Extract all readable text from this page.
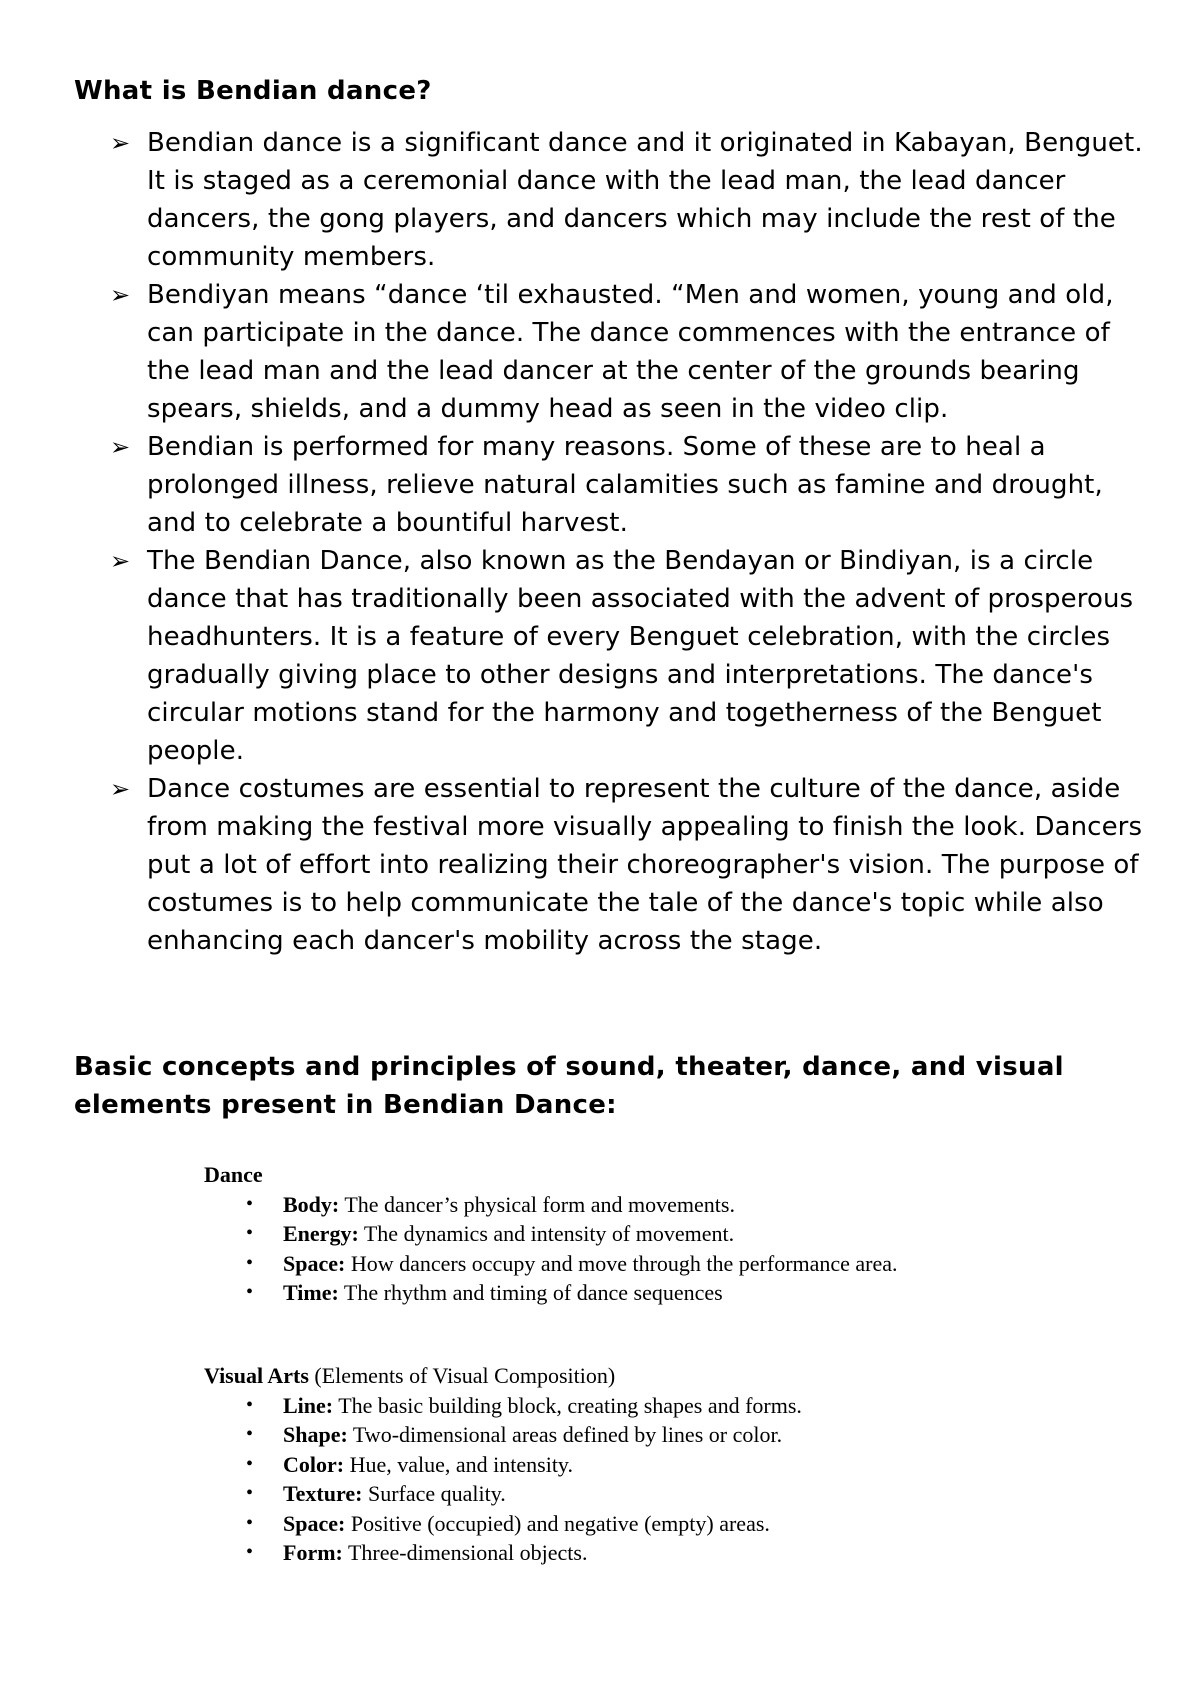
What is Bendian dance?
➢ Bendian dance is a significant dance and it originated in Kabayan, Benguet. It is staged as a ceremonial dance with the lead man, the lead dancer dancers, the gong players, and dancers which may include the rest of the community members.
➢ Bendiyan means “dance ‘til exhausted. “Men and women, young and old, can participate in the dance. The dance commences with the entrance of the lead man and the lead dancer at the center of the grounds bearing spears, shields, and a dummy head as seen in the video clip.
➢ Bendian is performed for many reasons. Some of these are to heal a prolonged illness, relieve natural calamities such as famine and drought, and to celebrate a bountiful harvest.
➢ The Bendian Dance, also known as the Bendayan or Bindiyan, is a circle dance that has traditionally been associated with the advent of prosperous headhunters. It is a feature of every Benguet celebration, with the circles gradually giving place to other designs and interpretations. The dance's circular motions stand for the harmony and togetherness of the Benguet people.
➢ Dance costumes are essential to represent the culture of the dance, aside from making the festival more visually appealing to finish the look. Dancers put a lot of effort into realizing their choreographer's vision. The purpose of costumes is to help communicate the tale of the dance's topic while also enhancing each dancer's mobility across the stage.
Basic concepts and principles of sound, theater, dance, and visual elements present in Bendian Dance:

Dance

• Body: The dancer’s physical form and movements.
• Energy: The dynamics and intensity of movement.
• Space: How dancers occupy and move through the performance area.
• Time: The rhythm and timing of dance sequences

Visual Arts (Elements of Visual Composition)

• Line: The basic building block, creating shapes and forms.
• Shape: Two-dimensional areas defined by lines or color.
• Color: Hue, value, and intensity.
• Texture: Surface quality.
• Space: Positive (occupied) and negative (empty) areas.
• Form: Three-dimensional objects.
